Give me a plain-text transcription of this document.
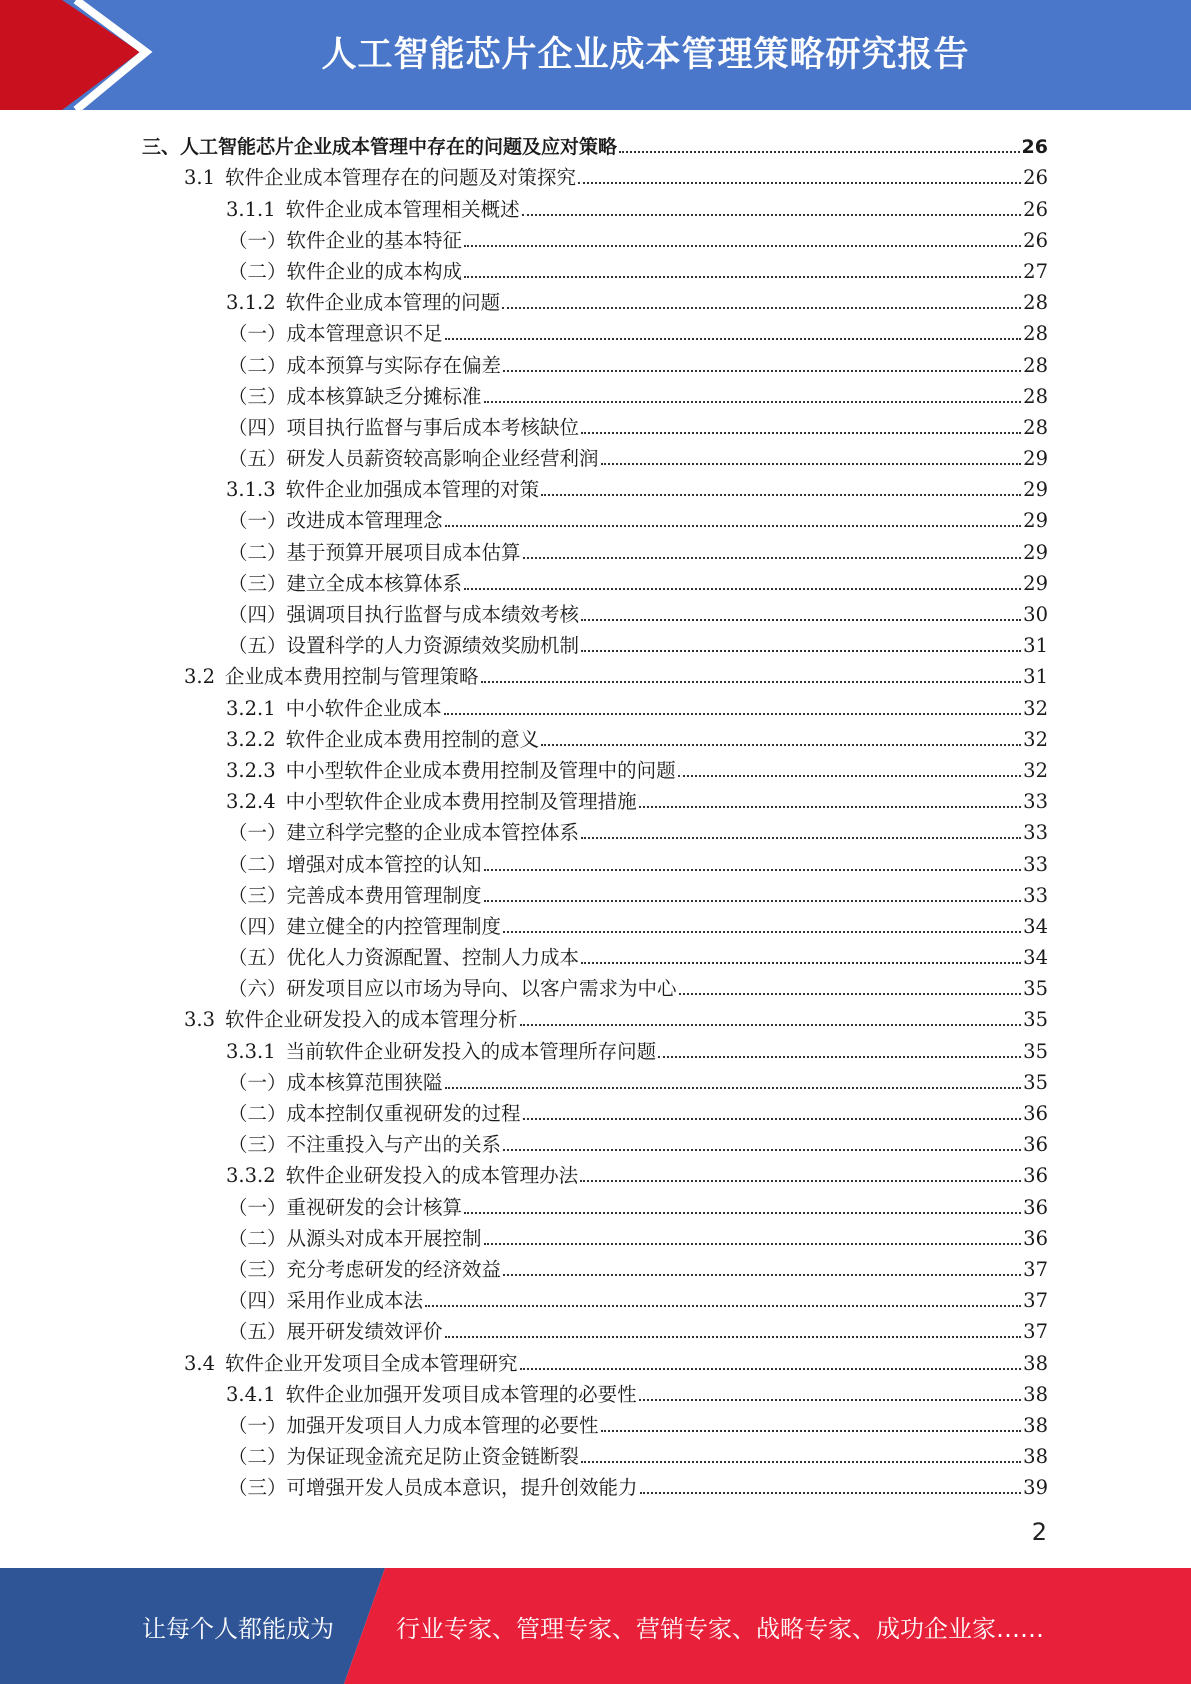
人工智能芯片企业成本管理策略研究报告
三、人工智能芯片企业成本管理中存在的问题及应对策略	26
3.1 软件企业成本管理存在的问题及对策探究	26
3.1.1 软件企业成本管理相关概述	26
（一）软件企业的基本特征	26
（二）软件企业的成本构成	27
3.1.2 软件企业成本管理的问题	28
（一）成本管理意识不足	28
（二）成本预算与实际存在偏差	28
（三）成本核算缺乏分摊标准	28
（四）项目执行监督与事后成本考核缺位	28
（五）研发人员薪资较高影响企业经营利润	29
3.1.3 软件企业加强成本管理的对策	29
（一）改进成本管理理念	29
（二）基于预算开展项目成本估算	29
（三）建立全成本核算体系	29
（四）强调项目执行监督与成本绩效考核	30
（五）设置科学的人力资源绩效奖励机制	31
3.2 企业成本费用控制与管理策略	31
3.2.1 中小软件企业成本	32
3.2.2 软件企业成本费用控制的意义	32
3.2.3 中小型软件企业成本费用控制及管理中的问题	32
3.2.4 中小型软件企业成本费用控制及管理措施	33
（一）建立科学完整的企业成本管控体系	33
（二）增强对成本管控的认知	33
（三）完善成本费用管理制度	33
（四）建立健全的内控管理制度	34
（五）优化人力资源配置、控制人力成本	34
（六）研发项目应以市场为导向、以客户需求为中心	35
3.3 软件企业研发投入的成本管理分析	35
3.3.1 当前软件企业研发投入的成本管理所存问题	35
（一）成本核算范围狭隘	35
（二）成本控制仅重视研发的过程	36
（三）不注重投入与产出的关系	36
3.3.2 软件企业研发投入的成本管理办法	36
（一）重视研发的会计核算	36
（二）从源头对成本开展控制	36
（三）充分考虑研发的经济效益	37
（四）采用作业成本法	37
（五）展开研发绩效评价	37
3.4 软件企业开发项目全成本管理研究	38
3.4.1 软件企业加强开发项目成本管理的必要性	38
（一）加强开发项目人力成本管理的必要性	38
（二）为保证现金流充足防止资金链断裂	38
（三）可增强开发人员成本意识，提升创效能力	39
2
让每个人都能成为	行业专家、管理专家、营销专家、战略专家、成功企业家……
